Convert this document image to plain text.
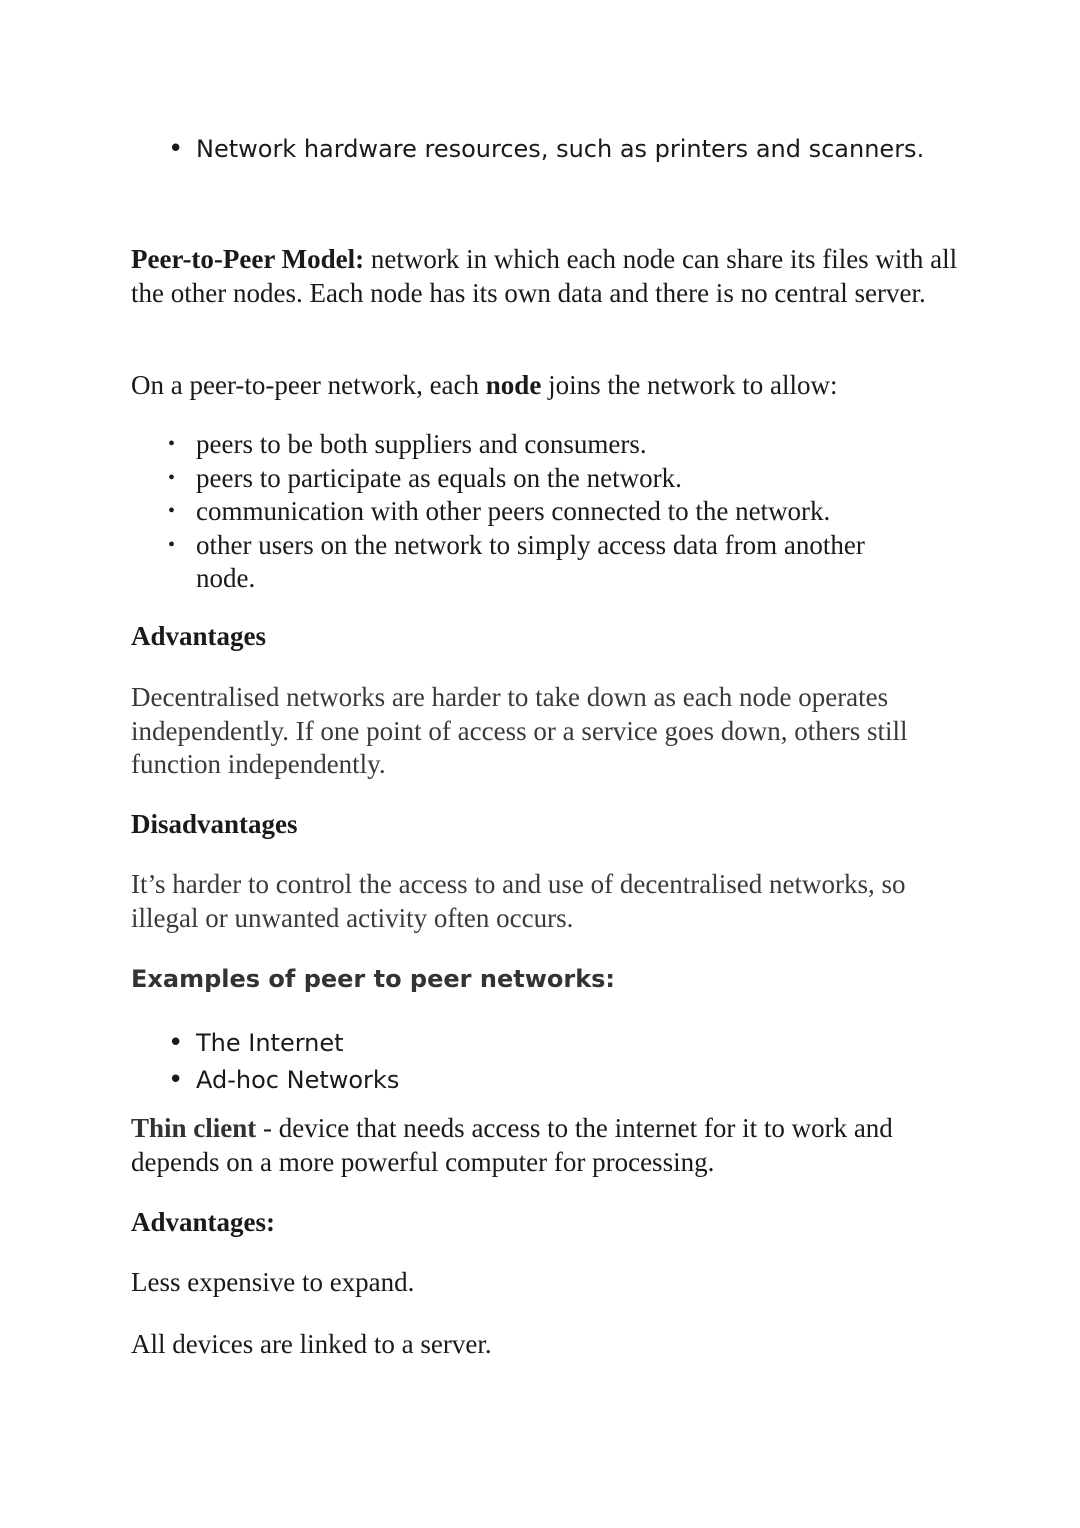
• Network hardware resources, such as printers and scanners.

Peer-to-Peer Model: network in which each node can share its files with all the other nodes. Each node has its own data and there is no central server.

On a peer-to-peer network, each node joins the network to allow:

• peers to be both suppliers and consumers.
• peers to participate as equals on the network.
• communication with other peers connected to the network.
• other users on the network to simply access data from another node.

Advantages

Decentralised networks are harder to take down as each node operates independently. If one point of access or a service goes down, others still function independently.

Disadvantages

It’s harder to control the access to and use of decentralised networks, so illegal or unwanted activity often occurs.

Examples of peer to peer networks:

• The Internet
• Ad-hoc Networks

Thin client - device that needs access to the internet for it to work and depends on a more powerful computer for processing.

Advantages:

Less expensive to expand.

All devices are linked to a server.
